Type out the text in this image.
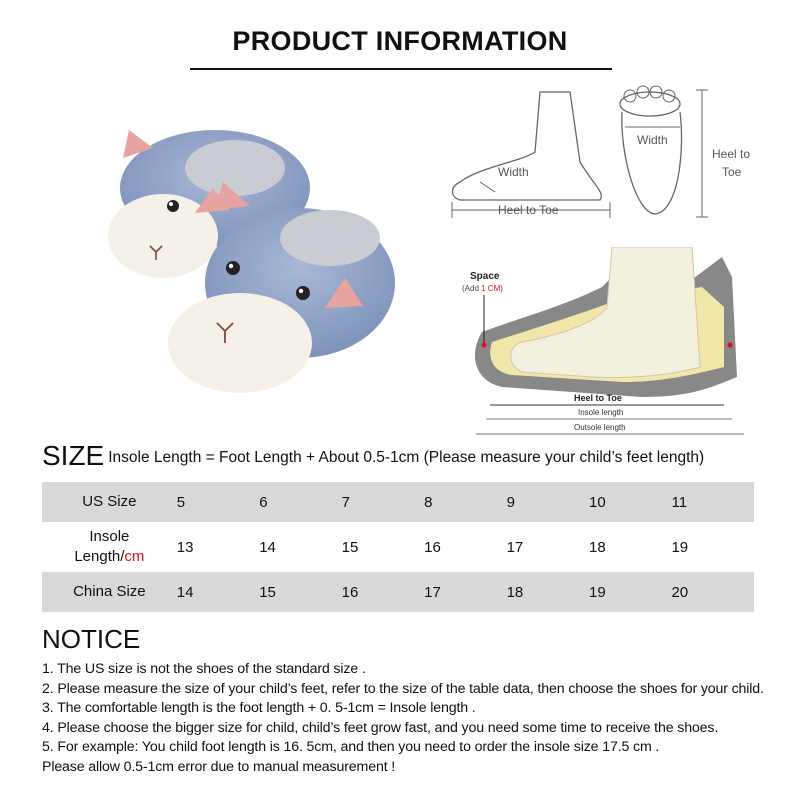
PRODUCT INFORMATION
Width
Heel to Toe
Width
Heel to
Toe
Space
(Add 1 CM)
Heel to Toe
Insole length
Outsole length
SIZE Insole Length = Foot Length + About 0.5-1cm (Please measure your child’s feet length)
US Size	5	6	7	8	9	10	11
Insole
Length/cm	13	14	15	16	17	18	19
China Size	14	15	16	17	18	19	20
NOTICE
1. The US size is not the shoes of the standard size .
2. Please measure the size of your child’s feet, refer to the size of the table data, then choose the shoes for your child.
3. The comfortable length is the foot length + 0. 5-1cm = Insole length .
4. Please choose the bigger size for child, child’s feet grow fast, and you need some time to receive the shoes.
5. For example: You child foot length is 16. 5cm, and then you need to order the insole size 17.5 cm .
Please allow 0.5-1cm error due to manual measurement !
